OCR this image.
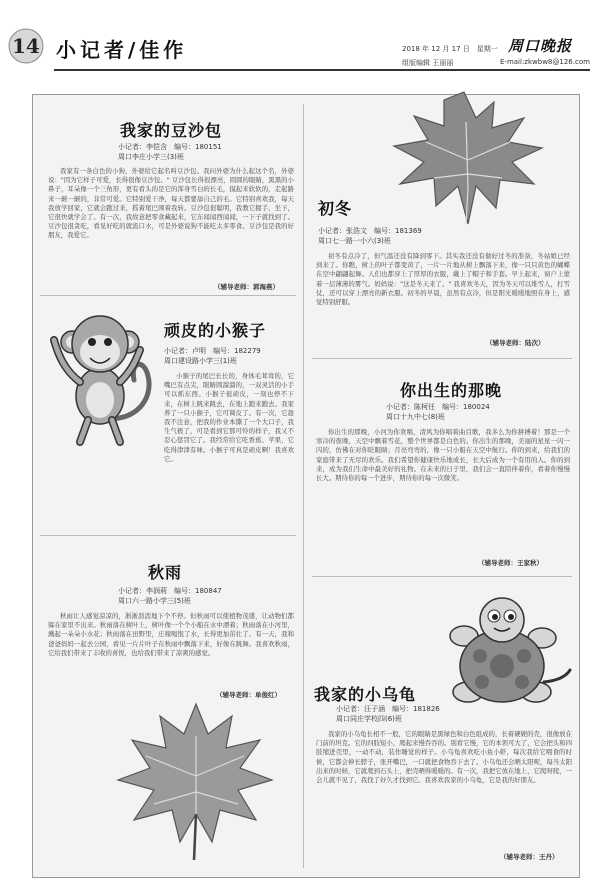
14 小记者/佳作	2018 年 12 月 17 日　星期一 周口晚报
组版编辑 王丽丽	E-mail:zkwbw8@126.com
我家的豆沙包
小记者：李恺含　编号：180151
周口李庄小学三(3)班
我家有一条白色的小狗，外婆给它起名叫豆沙包。我问外婆为什么起这个名，外婆说："因为它样子可爱，长得很像豆沙包。" 豆沙包长得很漂亮，圆圆的眼睛，黑黑的小鼻子，耳朵像一个三角形，更有看头的是它的浑身雪白的长毛，摸起来软软的，走起路来一颠一颠的，非常可爱。它特别爱干净，每天都要舔自己的毛。它特别喜欢我，每天我放学回家，它就会跑过来，摇着尾巴围着我转。豆沙包很聪明，我教它握手、坐下，它很快就学会了。有一次，我故意把零食藏起来，它东闻闻西闻闻，一下子就找到了。豆沙包很贪吃，看见好吃的就流口水，可是外婆说狗不能吃太多零食。豆沙包是我的好朋友，我爱它。
（辅导老师：郭海燕）
初冬
小记者：张浩文　编号：181369
周口七一路一小六(3)班
初冬有点冷了，但气温还没有降到零下。其实我还没有做好过冬的准备，冬姑娘已经到来了。你瞧，树上的叶子都变黄了，一片一片地从树上飘落下来，像一只只黄色的蝴蝶在空中翩翩起舞。人们也都穿上了厚厚的衣服，戴上了帽子和手套。早上起来，窗户上蒙着一层薄薄的雾气。妈妈说："这是冬天来了。" 我喜欢冬天，因为冬天可以堆雪人，打雪仗，还可以穿上漂亮的新衣服。初冬的早晨，虽然有点冷，但是阳光暖暖地照在身上，感觉特别舒服。
（辅导老师：陆次）
顽皮的小猴子
小记者：卢明　编号：182279
周口建设路小学三(1)班
小猴子的尾巴长长的，身体毛茸茸的，它嘴巴有点尖，眼睛圆溜溜的，一双灵活的小手可以抓东西。小猴子很顽皮，一刻也停不下来，在树上跳来跳去，在地上跑来跑去。我家养了一只小猴子，它可调皮了。有一次，它趁我不注意，把我的作业本撕了一个大口子，我生气极了，可是看到它那可怜的样子，我又不忍心惩罚它了。我经常给它吃香蕉、苹果，它吃得津津有味。小猴子可真是顽皮啊！我喜欢它。
你出生的那晚
小记者：陈柯任　编号：180024
周口十九中七(8)班
你出生的那晚，小河为你欢唱，清风为你唱着曲目歌，我多么为你拼搏着！那是一个寒冷的夜晚，天空中飘着雪花，整个世界都是白色的。你出生的那晚，美丽的星星一闪一闪的，仿佛在对你眨眼睛；月亮弯弯的，像一只小船在天空中航行。你的到来，给我们的家庭带来了无尽的欢乐。我们希望你健康快乐地成长，长大后成为一个有用的人。你的到来，成为我们生命中最美好的礼物。在未来的日子里，我们会一直陪伴着你，看着你慢慢长大。期待你的每一个进步，期待你的每一次微笑。
（辅导老师：王家秋）
秋雨
小记者：李润莉　编号：180847
周口六一路小学三(5)班
秋雨让人感觉凉凉的，淅淅沥沥地下个不停。但秋雨可以使植物茂盛，让动物们都躲在家里不出来。秋雨落在树叶上，树叶像一个个小船在水中漂着；秋雨落在小河里，溅起一朵朵小水花；秋雨落在田野里，庄稼喝饱了水，长得更加茁壮了。有一天，我和爸爸妈妈一起去公园，看见一片片叶子在秋雨中飘落下来，好像在跳舞。我喜欢秋雨，它给我们带来了丰收的喜悦，也给我们带来了凉爽的感觉。
（辅导老师：单俊红） 我家的小乌龟
小记者：汪子涵　编号：181826
周口同庄学校四(6)班
我家的小乌龟长相不一般，它的眼睛是黑绿色和白色组成的，长着硬硬的壳，很像放在门前的坦克。它的四肢短小，爬起来慢吞吞的。别看它慢，它的本领可大了，它会把头和四肢缩进壳里，一动不动，装作睡觉的样子。小乌龟喜欢吃小鱼小虾，每次我给它喂食的时候，它都会伸长脖子，张开嘴巴，一口就把食物吞下去了。小乌龟还会晒太阳呢，每当太阳出来的时候，它就爬到石头上，把壳晒得暖暖的。有一次，我把它放在地上，它爬呀爬，一会儿就不见了，我找了好久才找到它。我喜欢我家的小乌龟，它是我的好朋友。
（辅导老师：王丹）
